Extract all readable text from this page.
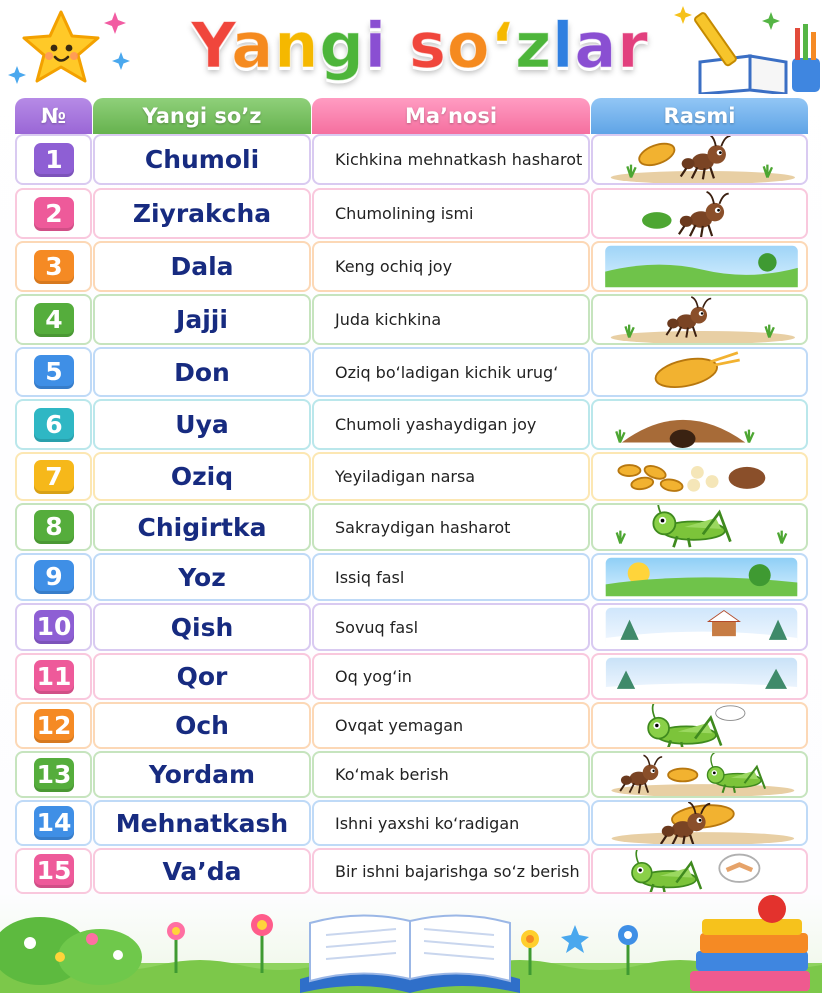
Yangi so‘zlar
№	Yangi so’z	Ma’nosi	Rasmi
1	Chumoli	Kichkina mehnatkash hasharot
2	Ziyrakcha	Chumolining ismi
3	Dala	Keng ochiq joy
4	Jajji	Juda kichkina
5	Don	Oziq bo‘ladigan kichik urug‘
6	Uya	Chumoli yashaydigan joy
7	Oziq	Yeyiladigan narsa
8	Chigirtka	Sakraydigan hasharot
9	Yoz	Issiq fasl
10	Qish	Sovuq fasl
11	Qor	Oq yog‘in
12	Och	Ovqat yemagan
13	Yordam	Ko‘mak berish
14 Mehnatkash	Ishni yaxshi ko‘radigan
15	Va’da	Bir ishni bajarishga so‘z berish
